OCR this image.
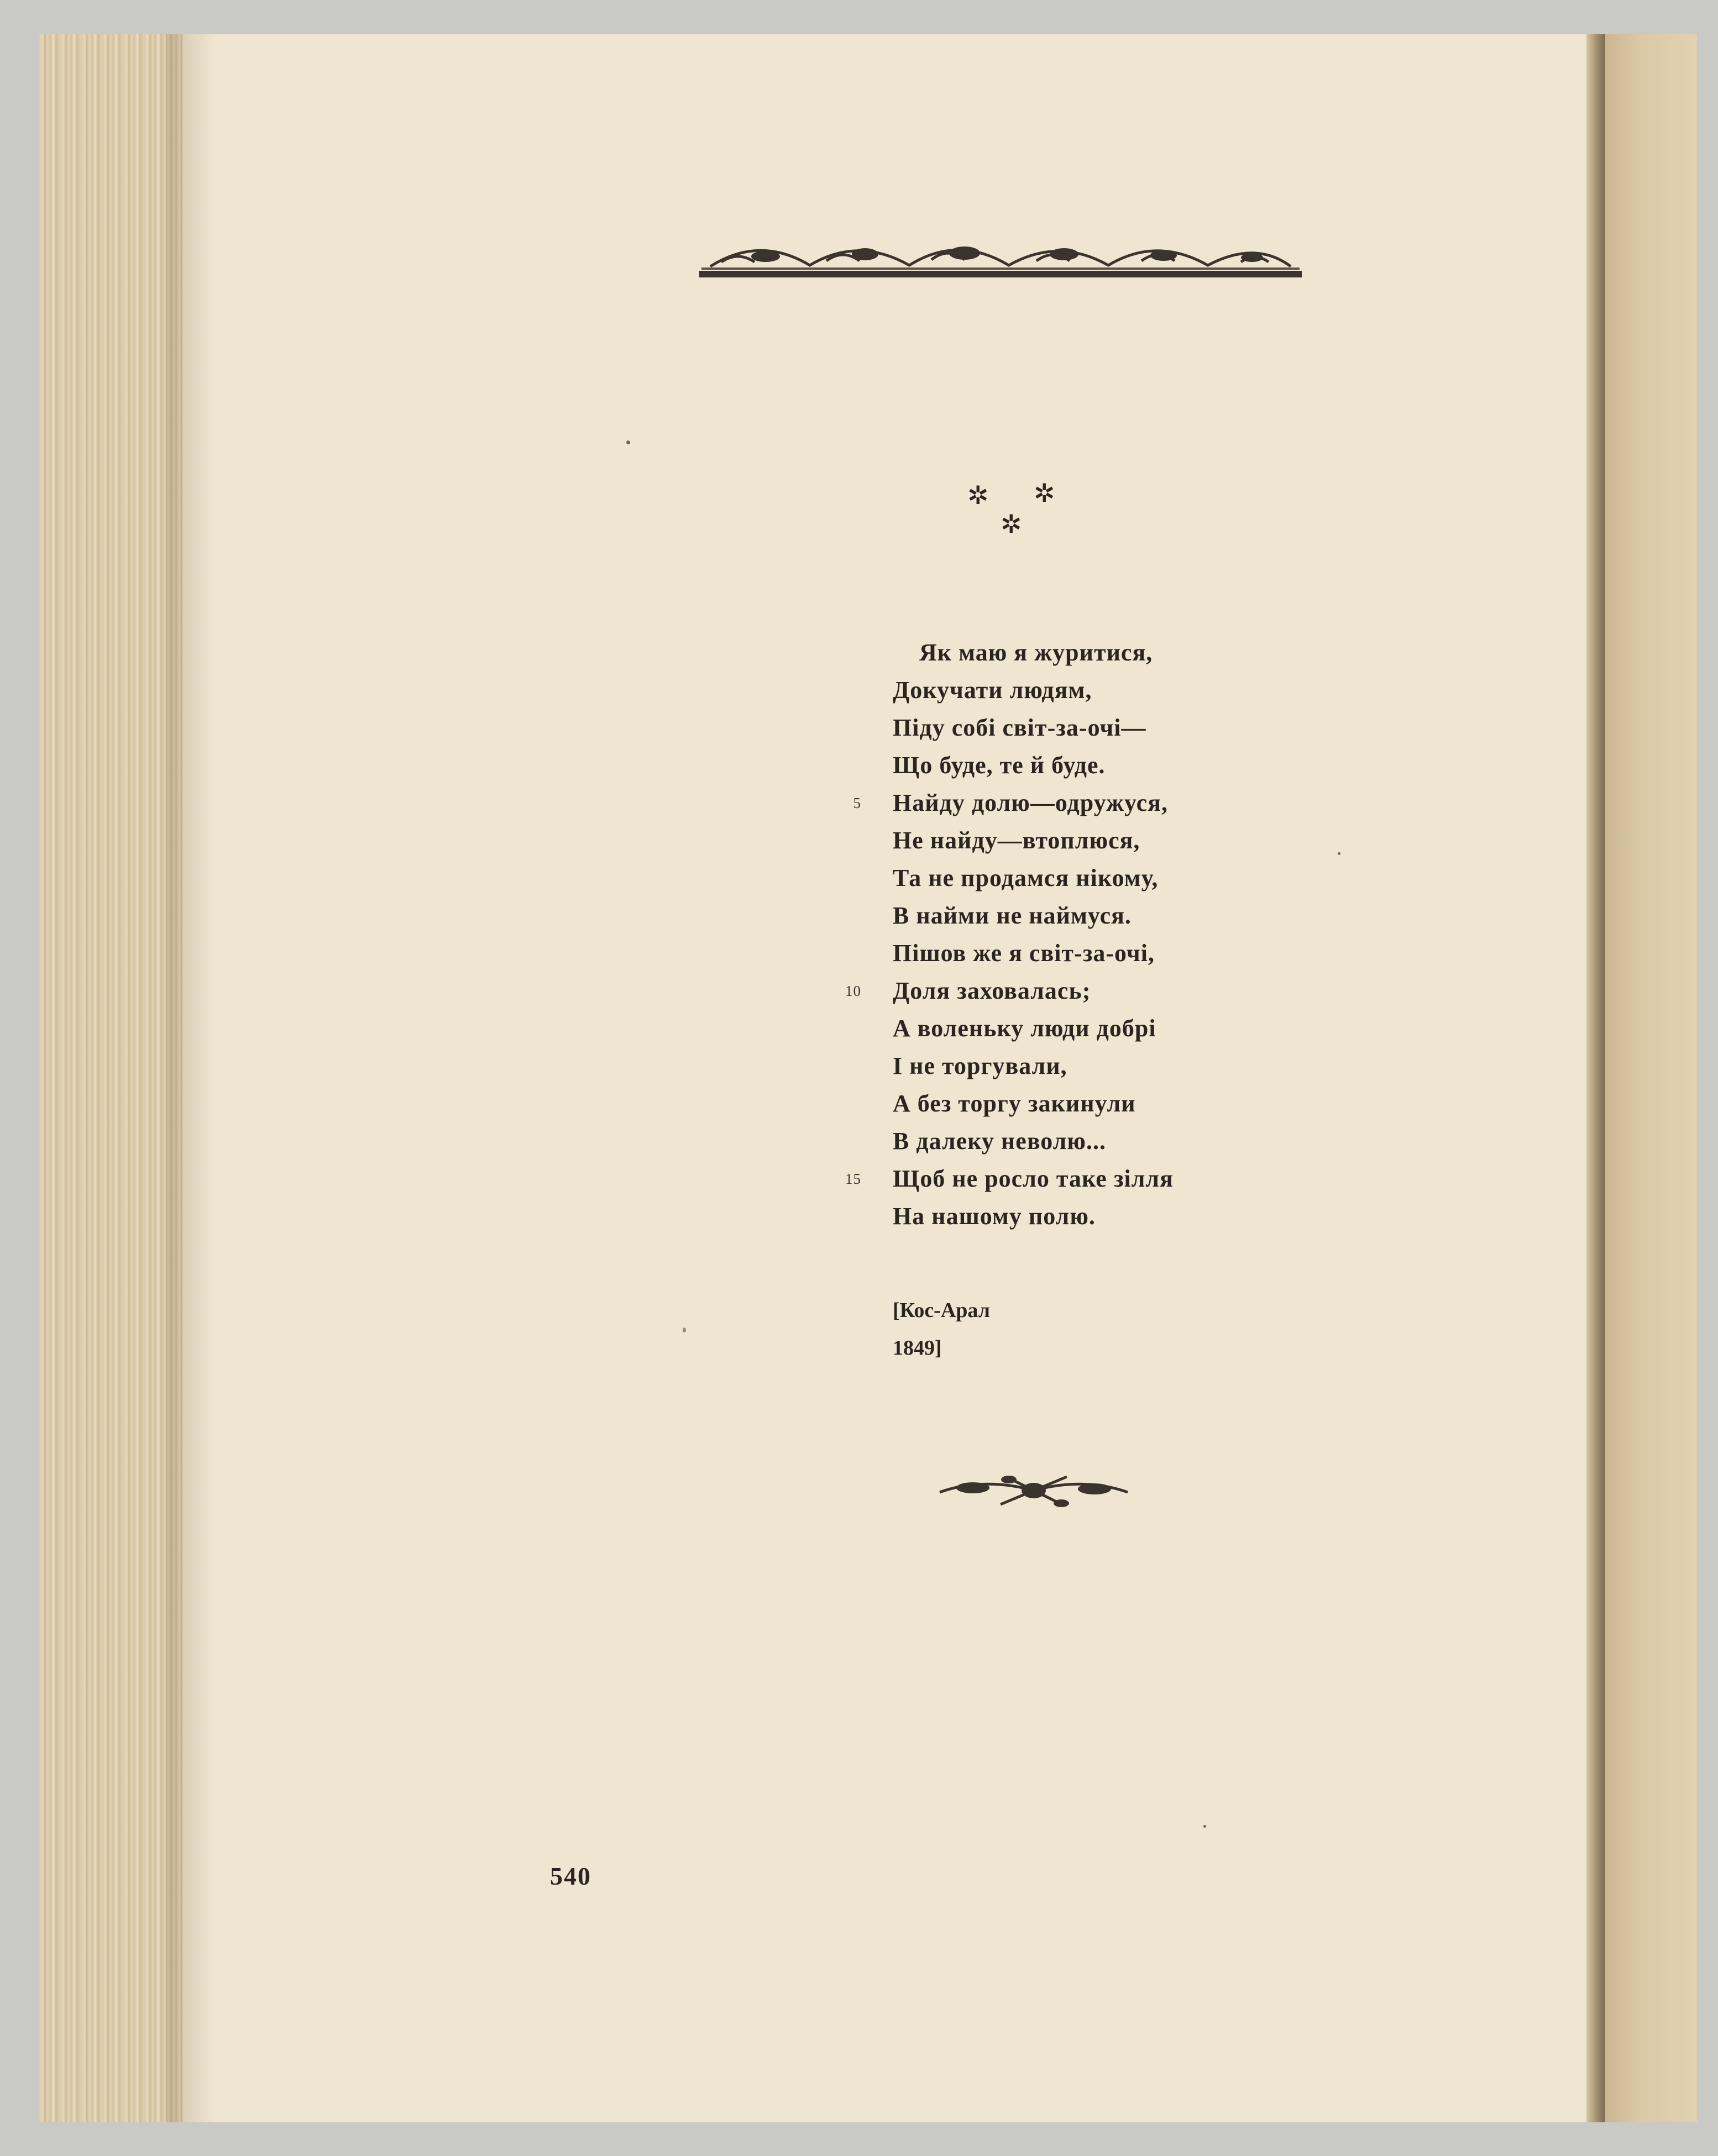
✲ ✲
✲
Як маю я журитися,
Докучати людям,
Піду собі світ-за-очі—
Що буде, те й буде.
5 Найду долю—одружуся,
Не найду—втоплюся,
Та не продамся нікому,
В найми не наймуся.
Пішов же я світ-за-очі,
10 Доля заховалась;
А воленьку люди добрі
І не торгували,
А без торгу закинули
В далеку неволю...
15 Щоб не росло таке зілля
На нашому полю.
[Кос-Арал
1849]
540
